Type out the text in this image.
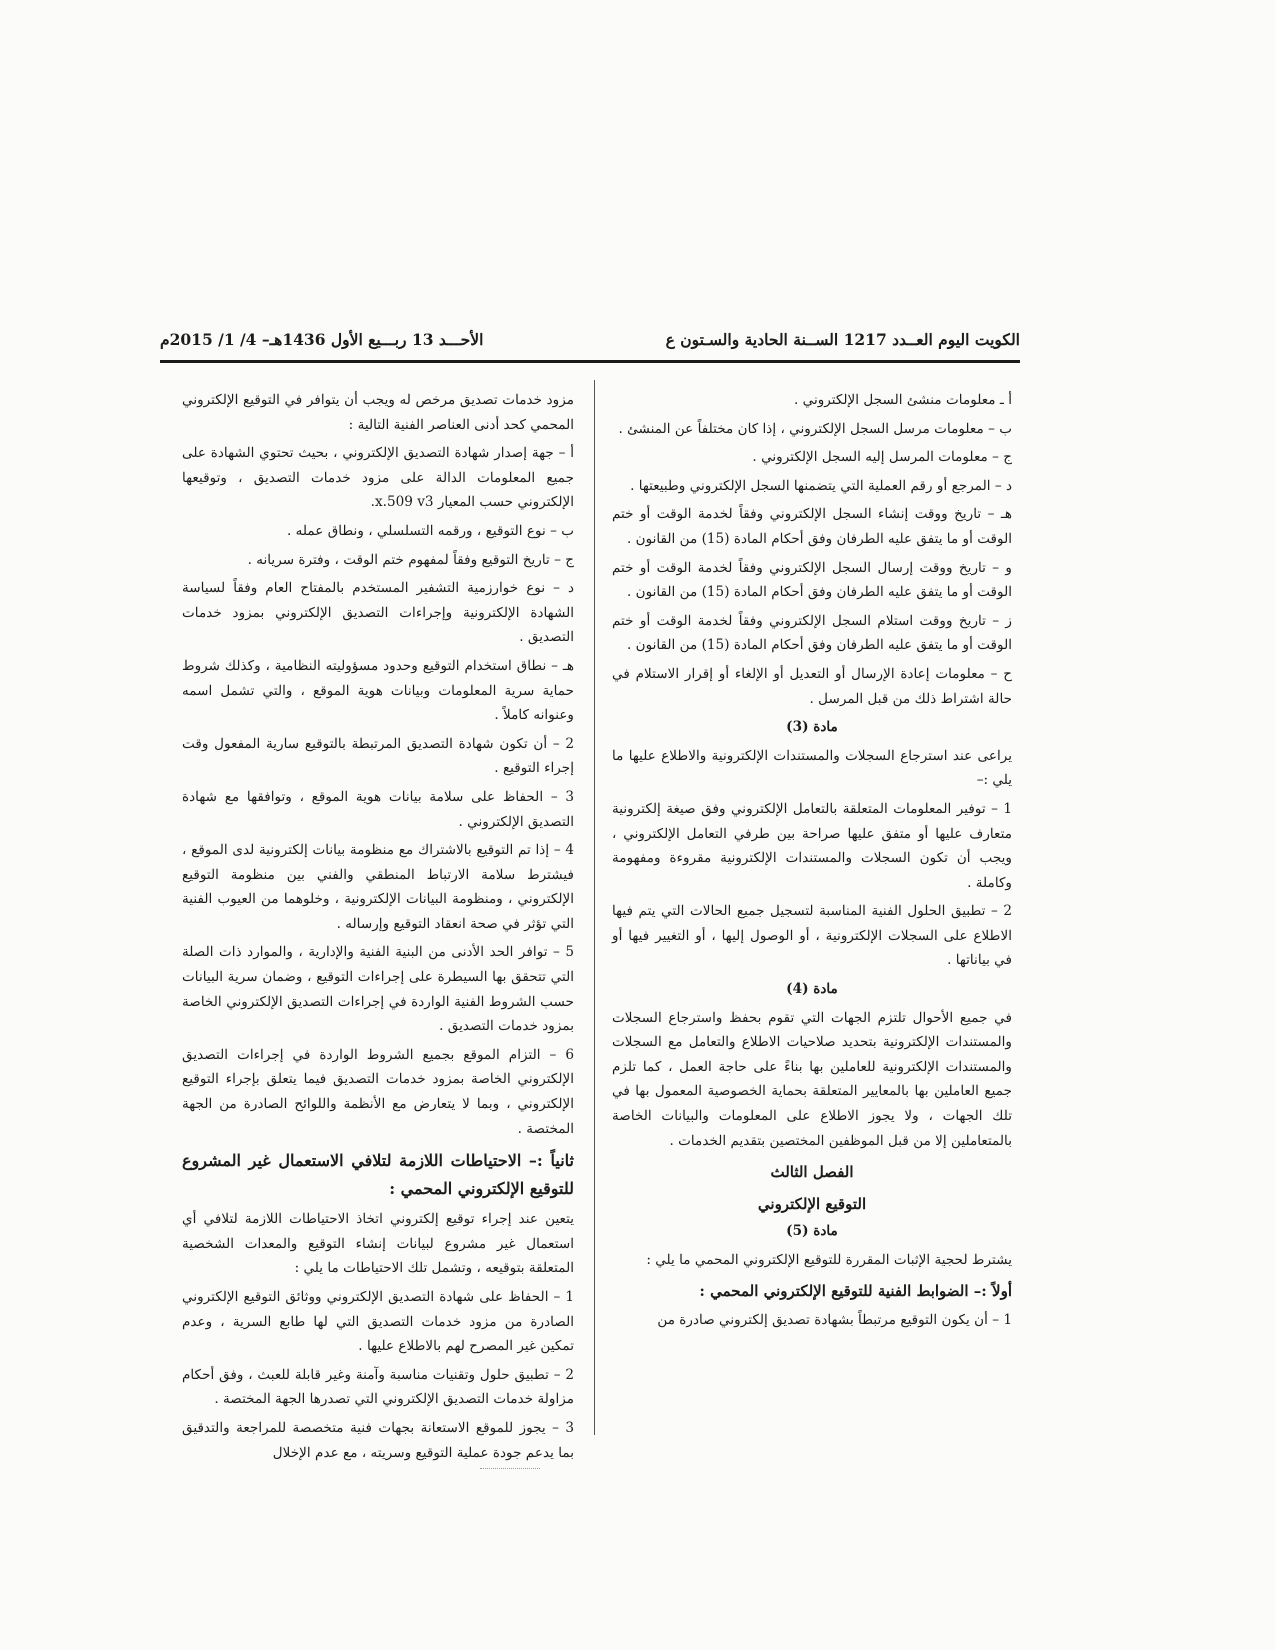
الكويت اليوم العــدد 1217 الســنة الحادية والسـتون ع
الأحـــد 13 ربـــيع الأول 1436هـ– 4/ 1/ 2015م

أ ـ معلومات منشئ السجل الإلكتروني .

ب – معلومات مرسل السجل الإلكتروني ، إذا كان مختلفاً عن المنشئ .

ج – معلومات المرسل إليه السجل الإلكتروني .

د – المرجع أو رقم العملية التي يتضمنها السجل الإلكتروني وطبيعتها .

هـ – تاريخ ووقت إنشاء السجل الإلكتروني وفقاً لخدمة الوقت أو ختم الوقت أو ما يتفق عليه الطرفان وفق أحكام المادة (15) من القانون .

و – تاريخ ووقت إرسال السجل الإلكتروني وفقاً لخدمة الوقت أو ختم الوقت أو ما يتفق عليه الطرفان وفق أحكام المادة (15) من القانون .

ز – تاريخ ووقت استلام السجل الإلكتروني وفقاً لخدمة الوقت أو ختم الوقت أو ما يتفق عليه الطرفان وفق أحكام المادة (15) من القانون .

ح – معلومات إعادة الإرسال أو التعديل أو الإلغاء أو إقرار الاستلام في حالة اشتراط ذلك من قبل المرسل .

مادة (3)

يراعى عند استرجاع السجلات والمستندات الإلكترونية والاطلاع عليها ما يلي :–

1 – توفير المعلومات المتعلقة بالتعامل الإلكتروني وفق صيغة إلكترونية متعارف عليها أو متفق عليها صراحة بين طرفي التعامل الإلكتروني ، ويجب أن تكون السجلات والمستندات الإلكترونية مقروءة ومفهومة وكاملة .

2 – تطبيق الحلول الفنية المناسبة لتسجيل جميع الحالات التي يتم فيها الاطلاع على السجلات الإلكترونية ، أو الوصول إليها ، أو التغيير فيها أو في بياناتها .

مادة (4)

في جميع الأحوال تلتزم الجهات التي تقوم بحفظ واسترجاع السجلات والمستندات الإلكترونية بتحديد صلاحيات الاطلاع والتعامل مع السجلات والمستندات الإلكترونية للعاملين بها بناءً على حاجة العمل ، كما تلزم جميع العاملين بها بالمعايير المتعلقة بحماية الخصوصية المعمول بها في تلك الجهات ، ولا يجوز الاطلاع على المعلومات والبيانات الخاصة بالمتعاملين إلا من قبل الموظفين المختصين بتقديم الخدمات .

الفصل الثالث
التوقيع الإلكتروني
مادة (5)

يشترط لحجية الإثبات المقررة للتوقيع الإلكتروني المحمي ما يلي :

أولاً :– الضوابط الفنية للتوقيع الإلكتروني المحمي :

1 – أن يكون التوقيع مرتبطاً بشهادة تصديق إلكتروني صادرة من

مزود خدمات تصديق مرخص له ويجب أن يتوافر في التوقيع الإلكتروني المحمي كحد أدنى العناصر الفنية التالية :

أ – جهة إصدار شهادة التصديق الإلكتروني ، بحيث تحتوي الشهادة على جميع المعلومات الدالة على مزود خدمات التصديق ، وتوقيعها الإلكتروني حسب المعيار x.509 v3.

ب – نوع التوقيع ، ورقمه التسلسلي ، ونطاق عمله .

ج – تاريخ التوقيع وفقاً لمفهوم ختم الوقت ، وفترة سريانه .

د – نوع خوارزمية التشفير المستخدم بالمفتاح العام وفقاً لسياسة الشهادة الإلكترونية وإجراءات التصديق الإلكتروني بمزود خدمات التصديق .

هـ – نطاق استخدام التوقيع وحدود مسؤوليته النظامية ، وكذلك شروط حماية سرية المعلومات وبيانات هوية الموقع ، والتي تشمل اسمه وعنوانه كاملاً .

2 – أن تكون شهادة التصديق المرتبطة بالتوقيع سارية المفعول وقت إجراء التوقيع .

3 – الحفاظ على سلامة بيانات هوية الموقع ، وتوافقها مع شهادة التصديق الإلكتروني .

4 – إذا تم التوقيع بالاشتراك مع منظومة بيانات إلكترونية لدى الموقع ، فيشترط سلامة الارتباط المنطقي والفني بين منظومة التوقيع الإلكتروني ، ومنظومة البيانات الإلكترونية ، وخلوهما من العيوب الفنية التي تؤثر في صحة انعقاد التوقيع وإرساله .

5 – توافر الحد الأدنى من البنية الفنية والإدارية ، والموارد ذات الصلة التي تتحقق بها السيطرة على إجراءات التوقيع ، وضمان سرية البيانات حسب الشروط الفنية الواردة في إجراءات التصديق الإلكتروني الخاصة بمزود خدمات التصديق .

6 – التزام الموقع بجميع الشروط الواردة في إجراءات التصديق الإلكتروني الخاصة بمزود خدمات التصديق فيما يتعلق بإجراء التوقيع الإلكتروني ، وبما لا يتعارض مع الأنظمة واللوائح الصادرة من الجهة المختصة .

ثانياً :– الاحتياطات اللازمة لتلافي الاستعمال غير المشروع للتوقيع الإلكتروني المحمي :

يتعين عند إجراء توقيع إلكتروني اتخاذ الاحتياطات اللازمة لتلافي أي استعمال غير مشروع لبيانات إنشاء التوقيع والمعدات الشخصية المتعلقة بتوقيعه ، وتشمل تلك الاحتياطات ما يلي :

1 – الحفاظ على شهادة التصديق الإلكتروني ووثائق التوقيع الإلكتروني الصادرة من مزود خدمات التصديق التي لها طابع السرية ، وعدم تمكين غير المصرح لهم بالاطلاع عليها .

2 – تطبيق حلول وتقنيات مناسبة وآمنة وغير قابلة للعبث ، وفق أحكام مزاولة خدمات التصديق الإلكتروني التي تصدرها الجهة المختصة .

3 – يجوز للموقع الاستعانة بجهات فنية متخصصة للمراجعة والتدقيق بما يدعم جودة عملية التوقيع وسريته ، مع عدم الإخلال
